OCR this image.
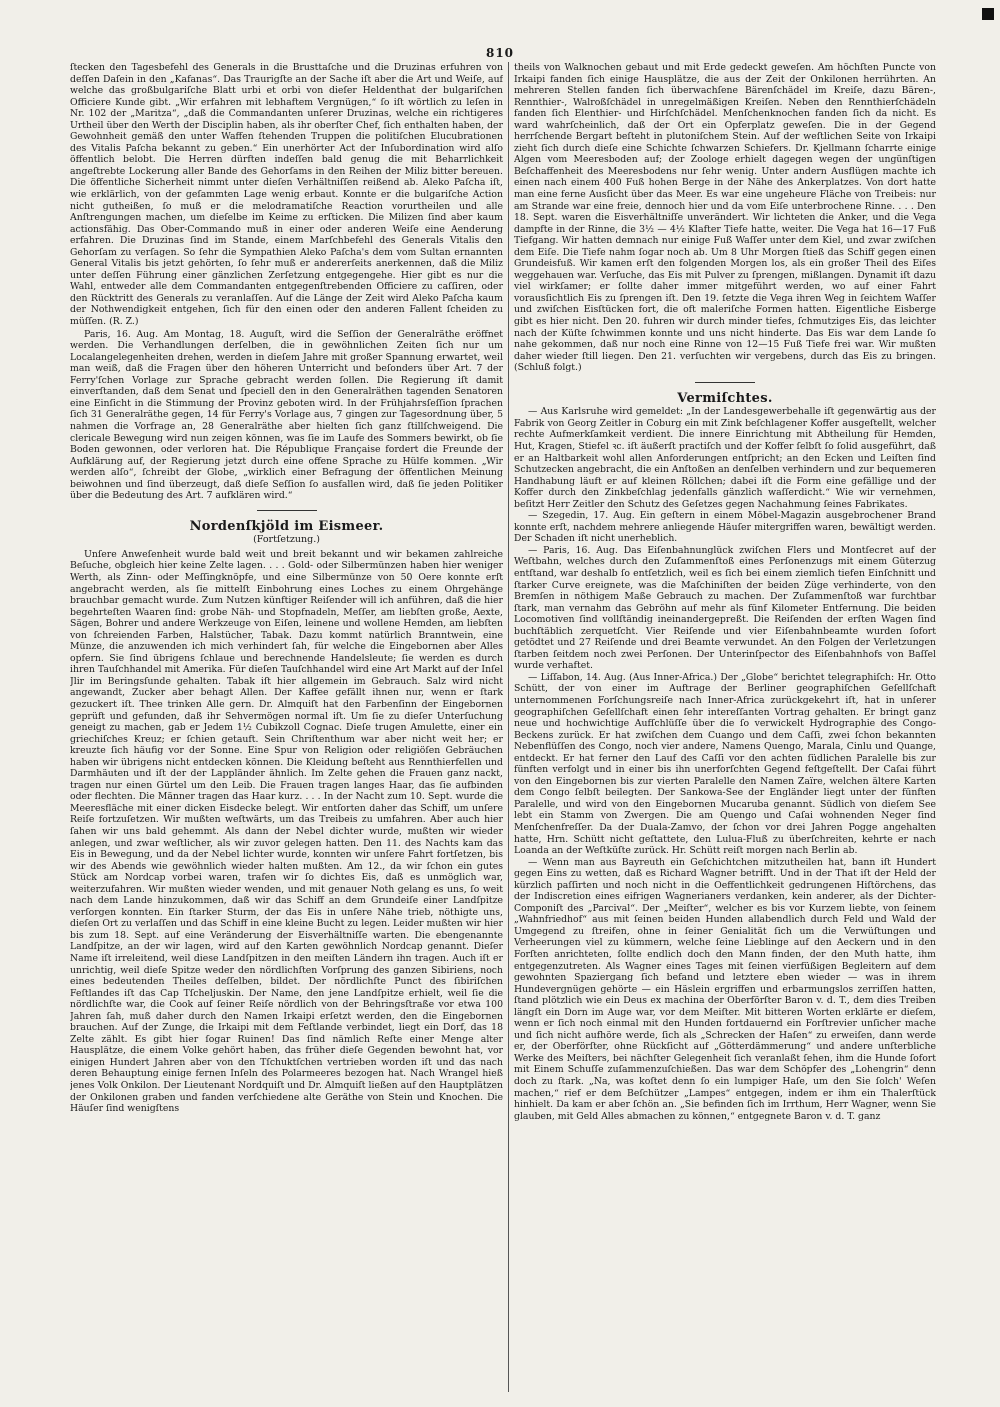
810

ſtecken den Tagesbefehl des Generals in die Brusttaſche und die Druzinas erfuhren von deſſen Daſein in den „Kafanas“. Das Traurigſte an der Sache iſt aber die Art und Weiſe, auf welche das großbulgariſche Blatt urbi et orbi von dieſer Heldenthat der bulgariſchen Officiere Kunde gibt. „Wir erfahren mit lebhaftem Vergnügen,“ ſo iſt wörtlich zu leſen in Nr. 102 der „Maritza“, „daß die Commandanten unſerer Druzinas, welche ein richtigeres Urtheil über den Werth der Disciplin haben, als ihr oberſter Chef, ſich enthalten haben, der Gewohnheit gemäß den unter Waffen ſtehenden Truppen die politiſchen Elucubrationen des Vitalis Paſcha bekannt zu geben.“ Ein unerhörter Act der Inſubordination wird alſo öffentlich belobt. Die Herren dürften indeſſen bald genug die mit Beharrlichkeit angeſtrebte Lockerung aller Bande des Gehorſams in den Reihen der Miliz bitter bereuen. Die öffentliche Sicherheit nimmt unter dieſen Verhältniſſen reißend ab. Aleko Paſcha iſt, wie erklärlich, von der geſammten Lage wenig erbaut. Konnte er die bulgariſche Action nicht gutheißen, ſo muß er die melodramatiſche Reaction vorurtheilen und alle Anſtrengungen machen, um dieſelbe im Keime zu erſticken. Die Milizen ſind aber kaum actionsfähig. Das Ober-Commando muß in einer oder anderen Weiſe eine Aenderung erfahren. Die Druzinas ſind im Stande, einem Marſchbefehl des Generals Vitalis den Gehorſam zu verſagen. So ſehr die Sympathien Aleko Paſcha's dem vom Sultan ernannten General Vitalis bis jetzt gehörten, ſo ſehr muß er andererſeits anerkennen, daß die Miliz unter deſſen Führung einer gänzlichen Zerſetzung entgegengehe. Hier gibt es nur die Wahl, entweder alle dem Commandanten entgegenſtrebenden Officiere zu caſſiren, oder den Rücktritt des Generals zu veranlaſſen. Auf die Länge der Zeit wird Aleko Paſcha kaum der Nothwendigkeit entgehen, ſich für den einen oder den anderen Fallent ſcheiden zu müſſen. (R. Z.)

Paris, 16. Aug. Am Montag, 18. Auguſt, wird die Seſſion der Generalräthe eröffnet werden. Die Verhandlungen derſelben, die in gewöhnlichen Zeiten ſich nur um Localangelegenheiten drehen, werden in dieſem Jahre mit großer Spannung erwartet, weil man weiß, daß die Fragen über den höheren Unterricht und beſonders über Art. 7 der Ferry'ſchen Vorlage zur Sprache gebracht werden ſollen. Die Regierung iſt damit einverſtanden, daß dem Senat und ſpeciell den in den Generalräthen tagenden Senatoren eine Einſicht in die Stimmung der Provinz geboten wird. In der Frühjahrsſeſſion ſprachen ſich 31 Generalräthe gegen, 14 für Ferry's Vorlage aus, 7 gingen zur Tagesordnung über, 5 nahmen die Vorfrage an, 28 Generalräthe aber hielten ſich ganz ſtillſchweigend. Die clericale Bewegung wird nun zeigen können, was ſie im Laufe des Sommers bewirkt, ob ſie Boden gewonnen, oder verloren hat. Die République Française fordert die Freunde der Aufklärung auf, der Regierung jetzt durch eine offene Sprache zu Hülfe kommen. „Wir werden alſo“, ſchreibt der Globe, „wirklich einer Befragung der öffentlichen Meinung beiwohnen und ſind überzeugt, daß dieſe Seſſion ſo ausfallen wird, daß ſie jeden Politiker über die Bedeutung des Art. 7 aufklären wird.“

Nordenſkjöld im Eismeer.
(Fortſetzung.)

Unſere Anweſenheit wurde bald weit und breit bekannt und wir bekamen zahlreiche Beſuche, obgleich hier keine Zelte lagen. . . . Gold- oder Silbermünzen haben hier weniger Werth, als Zinn- oder Meſſingknöpfe, und eine Silbermünze von 50 Oere konnte erſt angebracht werden, als ſie mittelſt Einbohrung eines Loches zu einem Ohrgehänge brauchbar gemacht wurde. Zum Nutzen künftiger Reiſender will ich anführen, daß die hier begehrteſten Waaren ſind: grobe Näh- und Stopfnadeln, Meſſer, am liebſten große, Aexte, Sägen, Bohrer und andere Werkzeuge von Eiſen, leinene und wollene Hemden, am liebſten von ſchreienden Farben, Halstücher, Tabak. Dazu kommt natürlich Branntwein, eine Münze, die anzuwenden ich mich verhindert ſah, für welche die Eingebornen aber Alles opfern. Sie ſind übrigens ſchlaue und berechnende Handelsleute; ſie werden es durch ihren Tauſchhandel mit Amerika. Für dieſen Tauſchhandel wird eine Art Markt auf der Inſel Jlir im Beringsſunde gehalten. Tabak iſt hier allgemein im Gebrauch. Salz wird nicht angewandt, Zucker aber behagt Allen. Der Kaffee gefällt ihnen nur, wenn er ſtark gezuckert iſt. Thee trinken Alle gern. Dr. Almquiſt hat den Farbenſinn der Eingebornen geprüft und gefunden, daß ihr Sehvermögen normal iſt. Um ſie zu dieſer Unterſuchung geneigt zu machen, gab er Jedem 1½ Cubikzoll Cognac. Dieſe trugen Amulette, einer ein griechiſches Kreuz; er ſchien getauft. Sein Chriſtenthum war aber nicht weit her; er kreuzte ſich häufig vor der Sonne. Eine Spur von Religion oder religiöſen Gebräuchen haben wir übrigens nicht entdecken können. Die Kleidung beſteht aus Rennthierfellen und Darmhäuten und iſt der der Lappländer ähnlich. Im Zelte gehen die Frauen ganz nackt, tragen nur einen Gürtel um den Leib. Die Frauen tragen langes Haar, das ſie aufbinden oder flechten. Die Männer tragen das Haar kurz. . . . In der Nacht zum 10. Sept. wurde die Meeresfläche mit einer dicken Eisdecke belegt. Wir entſorten daher das Schiff, um unſere Reiſe fortzuſetzen. Wir mußten weſtwärts, um das Treibeis zu umfahren. Aber auch hier ſahen wir uns bald gehemmt. Als dann der Nebel dichter wurde, mußten wir wieder anlegen, und zwar weſtlicher, als wir zuvor gelegen hatten. Den 11. des Nachts kam das Eis in Bewegung, und da der Nebel lichter wurde, konnten wir unſere Fahrt fortſetzen, bis wir des Abends wie gewöhnlich wieder halten mußten. Am 12., da wir ſchon ein gutes Stück am Nordcap vorbei waren, trafen wir ſo dichtes Eis, daß es unmöglich war, weiterzufahren. Wir mußten wieder wenden, und mit genauer Noth gelang es uns, ſo weit nach dem Lande hinzukommen, daß wir das Schiff an dem Grundeiſe einer Landſpitze verſorgen konnten. Ein ſtarker Sturm, der das Eis in unſere Nähe trieb, nöthigte uns, dieſen Ort zu verlaſſen und das Schiff in eine kleine Bucht zu legen. Leider mußten wir hier bis zum 18. Sept. auf eine Veränderung der Eisverhältniſſe warten. Die ebengenannte Landſpitze, an der wir lagen, wird auf den Karten gewöhnlich Nordcap genannt. Dieſer Name iſt irreleitend, weil diese Landſpitzen in den meiſten Ländern ihn tragen. Auch iſt er unrichtig, weil dieſe Spitze weder den nördlichſten Vorſprung des ganzen Sibiriens, noch eines bedeutenden Theiles deſſelben, bildet. Der nördlichſte Punct des ſibiriſchen Feſtlandes iſt das Cap Tſcheljuskin. Der Name, den jene Landſpitze erhielt, weil ſie die nördlichſte war, die Cook auf ſeiner Reiſe nördlich von der Behringsſtraße vor etwa 100 Jahren ſah, muß daher durch den Namen Irkaipi erſetzt werden, den die Eingebornen brauchen. Auf der Zunge, die Irkaipi mit dem Feſtlande verbindet, liegt ein Dorf, das 18 Zelte zählt. Es gibt hier ſogar Ruinen! Das ſind nämlich Reſte einer Menge alter Hausplätze, die einem Volke gehört haben, das früher dieſe Gegenden bewohnt hat, vor einigen Hundert Jahren aber von den Tſchuktſchen vertrieben worden iſt und das nach deren Behauptung einige fernen Inſeln des Polarmeeres bezogen hat. Nach Wrangel hieß jenes Volk Onkilon. Der Lieutenant Nordquiſt und Dr. Almquiſt ließen auf den Hauptplätzen der Onkilonen graben und fanden verſchiedene alte Geräthe von Stein und Knochen. Die Häuſer ſind wenigſtens

theils von Walknochen gebaut und mit Erde gedeckt geweſen. Am höchſten Puncte von Irkaipi fanden ſich einige Hausplätze, die aus der Zeit der Onkilonen herrührten. An mehreren Stellen fanden ſich überwachſene Bärenſchädel im Kreiſe, dazu Bären-, Rennthier-, Walroßſchädel in unregelmäßigen Kreiſen. Neben den Rennthierſchädeln fanden ſich Elenthier- und Hirſchſchädel. Menſchenknochen fanden ſich da nicht. Es ward wahrſcheinlich, daß der Ort ein Opferplatz geweſen. Die in der Gegend herrſchende Bergart beſteht in plutoniſchem Stein. Auf der weſtlichen Seite von Irkaipi zieht ſich durch dieſe eine Schichte ſchwarzen Schiefers. Dr. Kjellmann ſcharrte einige Algen vom Meeresboden auf; der Zoologe erhielt dagegen wegen der ungünſtigen Beſchaffenheit des Meeresbodens nur ſehr wenig. Unter andern Ausflügen machte ich einen nach einem 400 Fuß hohen Berge in der Nähe des Ankerplatzes. Von dort hatte man eine ferne Ausſicht über das Meer. Es war eine ungeheure Fläche von Treibeis: nur am Strande war eine freie, dennoch hier und da vom Eiſe unterbrochene Rinne. . . . Den 18. Sept. waren die Eisverhältniſſe unverändert. Wir lichteten die Anker, und die Vega dampfte in der Rinne, die 3½ — 4½ Klafter Tiefe hatte, weiter. Die Vega hat 16—17 Fuß Tiefgang. Wir hatten demnach nur einige Fuß Waſſer unter dem Kiel, und zwar zwiſchen dem Eiſe. Die Tiefe nahm ſogar noch ab. Um 8 Uhr Morgen ſtieß das Schiff gegen einen Grundeisfuß. Wir kamen erſt den folgenden Morgen los, als ein großer Theil des Eiſes weggehauen war. Verſuche, das Eis mit Pulver zu ſprengen, mißlangen. Dynamit iſt dazu viel wirkſamer; er ſollte daher immer mitgeführt werden, wo auf einer Fahrt vorausſichtlich Eis zu ſprengen iſt. Den 19. ſetzte die Vega ihren Weg in ſeichtem Waſſer und zwiſchen Eisſtücken fort, die oft maleriſche Formen hatten. Eigentliche Eisberge gibt es hier nicht. Den 20. fuhren wir durch minder tiefes, ſchmutziges Eis, das leichter nach der Küſte ſchwimmen konnte und uns nicht hinderte. Das Eis war dem Lande ſo nahe gekommen, daß nur noch eine Rinne von 12—15 Fuß Tiefe frei war. Wir mußten daher wieder ſtill liegen. Den 21. verſuchten wir vergebens, durch das Eis zu bringen. (Schluß folgt.)

Vermiſchtes.

— Aus Karlsruhe wird gemeldet: „In der Landesgewerbehalle iſt gegenwärtig aus der Fabrik von Georg Zeitler in Coburg ein mit Zink beſchlagener Koffer ausgeſtellt, welcher rechte Aufmerkſamkeit verdient. Die innere Einrichtung mit Abtheilung für Hemden, Hut, Kragen, Stiefel ꝛc. iſt äußerſt practiſch und der Koffer ſelbſt ſo ſolid ausgeführt, daß er an Haltbarkeit wohl allen Anforderungen entſpricht; an den Ecken und Leiſten ſind Schutzecken angebracht, die ein Anſtoßen an denſelben verhindern und zur bequemeren Handhabung läuft er auf kleinen Röllchen; dabei iſt die Form eine gefällige und der Koffer durch den Zinkbeſchlag jedenfalls gänzlich waſſerdicht.“ Wie wir vernehmen, beſitzt Herr Zeitler den Schutz des Geſetzes gegen Nachahmung ſeines Fabrikates.

— Szegedin, 17. Aug. Ein geſtern in einem Möbel-Magazin ausgebrochener Brand konnte erſt, nachdem mehrere anliegende Häuſer mitergriffen waren, bewältigt werden. Der Schaden iſt nicht unerheblich.

— Paris, 16. Aug. Das Eiſenbahnunglück zwiſchen Flers und Montſecret auf der Weſtbahn, welches durch den Zuſammenſtoß eines Perſonenzugs mit einem Güterzug entſtand, war deshalb ſo entſetzlich, weil es ſich bei einem ziemlich tiefen Einſchnitt und ſtarker Curve ereignete, was die Maſchiniſten der beiden Züge verhinderte, von den Bremſen in nöthigem Maße Gebrauch zu machen. Der Zuſammenſtoß war furchtbar ſtark, man vernahm das Gebröhn auf mehr als fünf Kilometer Entfernung. Die beiden Locomotiven ſind vollſtändig ineinandergepreßt. Die Reiſenden der erſten Wagen ſind buchſtäblich zerquetſcht. Vier Reiſende und vier Eiſenbahnbeamte wurden ſofort getödtet und 27 Reiſende und drei Beamte verwundet. An den Folgen der Verletzungen ſtarben ſeitdem noch zwei Perſonen. Der Unterinſpector des Eiſenbahnhofs von Baſſel wurde verhaftet.

— Liſſabon, 14. Aug. (Aus Inner-Africa.) Der „Globe“ berichtet telegraphiſch: Hr. Otto Schütt, der von einer im Auftrage der Berliner geographiſchen Geſellſchaft unternommenen Forſchungsreiſe nach Inner-Africa zurückgekehrt iſt, hat in unſerer geographiſchen Geſellſchaft einen ſehr intereſſanten Vortrag gehalten. Er bringt ganz neue und hochwichtige Aufſchlüſſe über die ſo verwickelt Hydrographie des Congo-Beckens zurück. Er hat zwiſchen dem Cuango und dem Caſſi, zwei ſchon bekannten Nebenflüſſen des Congo, noch vier andere, Namens Quengo, Marala, Cinlu und Quange, entdeckt. Er hat ferner den Lauf des Caſſi vor den achten ſüdlichen Paralelle bis zur fünften verfolgt und in einer bis ihn unerforſchten Gegend feſtgeſtellt. Der Caſai führt von den Eingebornen bis zur vierten Paralelle den Namen Zaïre, welchen ältere Karten dem Congo ſelbſt beilegten. Der Sankowa-See der Engländer liegt unter der fünften Paralelle, und wird von den Eingebornen Mucaruba genannt. Südlich von dieſem See lebt ein Stamm von Zwergen. Die am Quengo und Caſai wohnenden Neger ſind Menſchenfreſſer. Da der Duala-Zamvo, der ſchon vor drei Jahren Pogge angehalten hatte, Hrn. Schütt nicht geſtattete, den Lulua-Fluß zu überſchreiten, kehrte er nach Loanda an der Weſtküſte zurück. Hr. Schütt reiſt morgen nach Berlin ab.

— Wenn man aus Bayreuth ein Geſchichtchen mitzutheilen hat, bann iſt Hundert gegen Eins zu wetten, daß es Richard Wagner betrifft. Und in der That iſt der Held der kürzlich paſſirten und noch nicht in die Oeffentlichkeit gedrungenen Hiſtörchens, das der Indiscretion eines eifrigen Wagnerianers verdanken, kein anderer, als der Dichter-Componiſt des „Parcival“. Der „Meiſter“, welcher es bis vor Kurzem liebte, von ſeinem „Wahnfriedhof“ aus mit ſeinen beiden Hunden allabendlich durch Feld und Wald der Umgegend zu ſtreifen, ohne in ſeiner Genialität ſich um die Verwüſtungen und Verheerungen viel zu kümmern, welche ſeine Lieblinge auf den Aeckern und in den Forſten anrichteten, ſollte endlich doch den Mann finden, der den Muth hatte, ihm entgegenzutreten. Als Wagner eines Tages mit ſeinen vierfüßigen Begleitern auf dem gewohnten Spaziergang ſich befand und letztere eben wieder — was in ihrem Hundevergnügen gehörte — ein Häslein ergriffen und erbarmungslos zerriſſen hatten, ſtand plötzlich wie ein Deus ex machina der Oberförſter Baron v. d. T., dem dies Treiben längſt ein Dorn im Auge war, vor dem Meiſter. Mit bitteren Worten erklärte er dieſem, wenn er ſich noch einmal mit den Hunden fortdauernd ein Forſtrevier unſicher mache und ſich nicht aufhöre werde, ſich als „Schrecken der Haſen“ zu erweiſen, dann werde er, der Oberförſter, ohne Rückſicht auf „Götterdämmerung“ und andere unſterbliche Werke des Meiſters, bei nächſter Gelegenheit ſich veranlaßt ſehen, ihm die Hunde ſofort mit Einem Schuſſe zuſammenzuſchießen. Das war dem Schöpfer des „Lohengrin“ denn doch zu ſtark. „Na, was koſtet denn ſo ein lumpiger Haſe, um den Sie ſolch' Weſen machen,“ rief er dem Beſchützer „Lampes“ entgegen, indem er ihm ein Thalerſtück hinhielt. Da kam er aber ſchön an. „Sie befinden ſich im Irrthum, Herr Wagner, wenn Sie glauben, mit Geld Alles abmachen zu können,“ entgegnete Baron v. d. T. ganz
